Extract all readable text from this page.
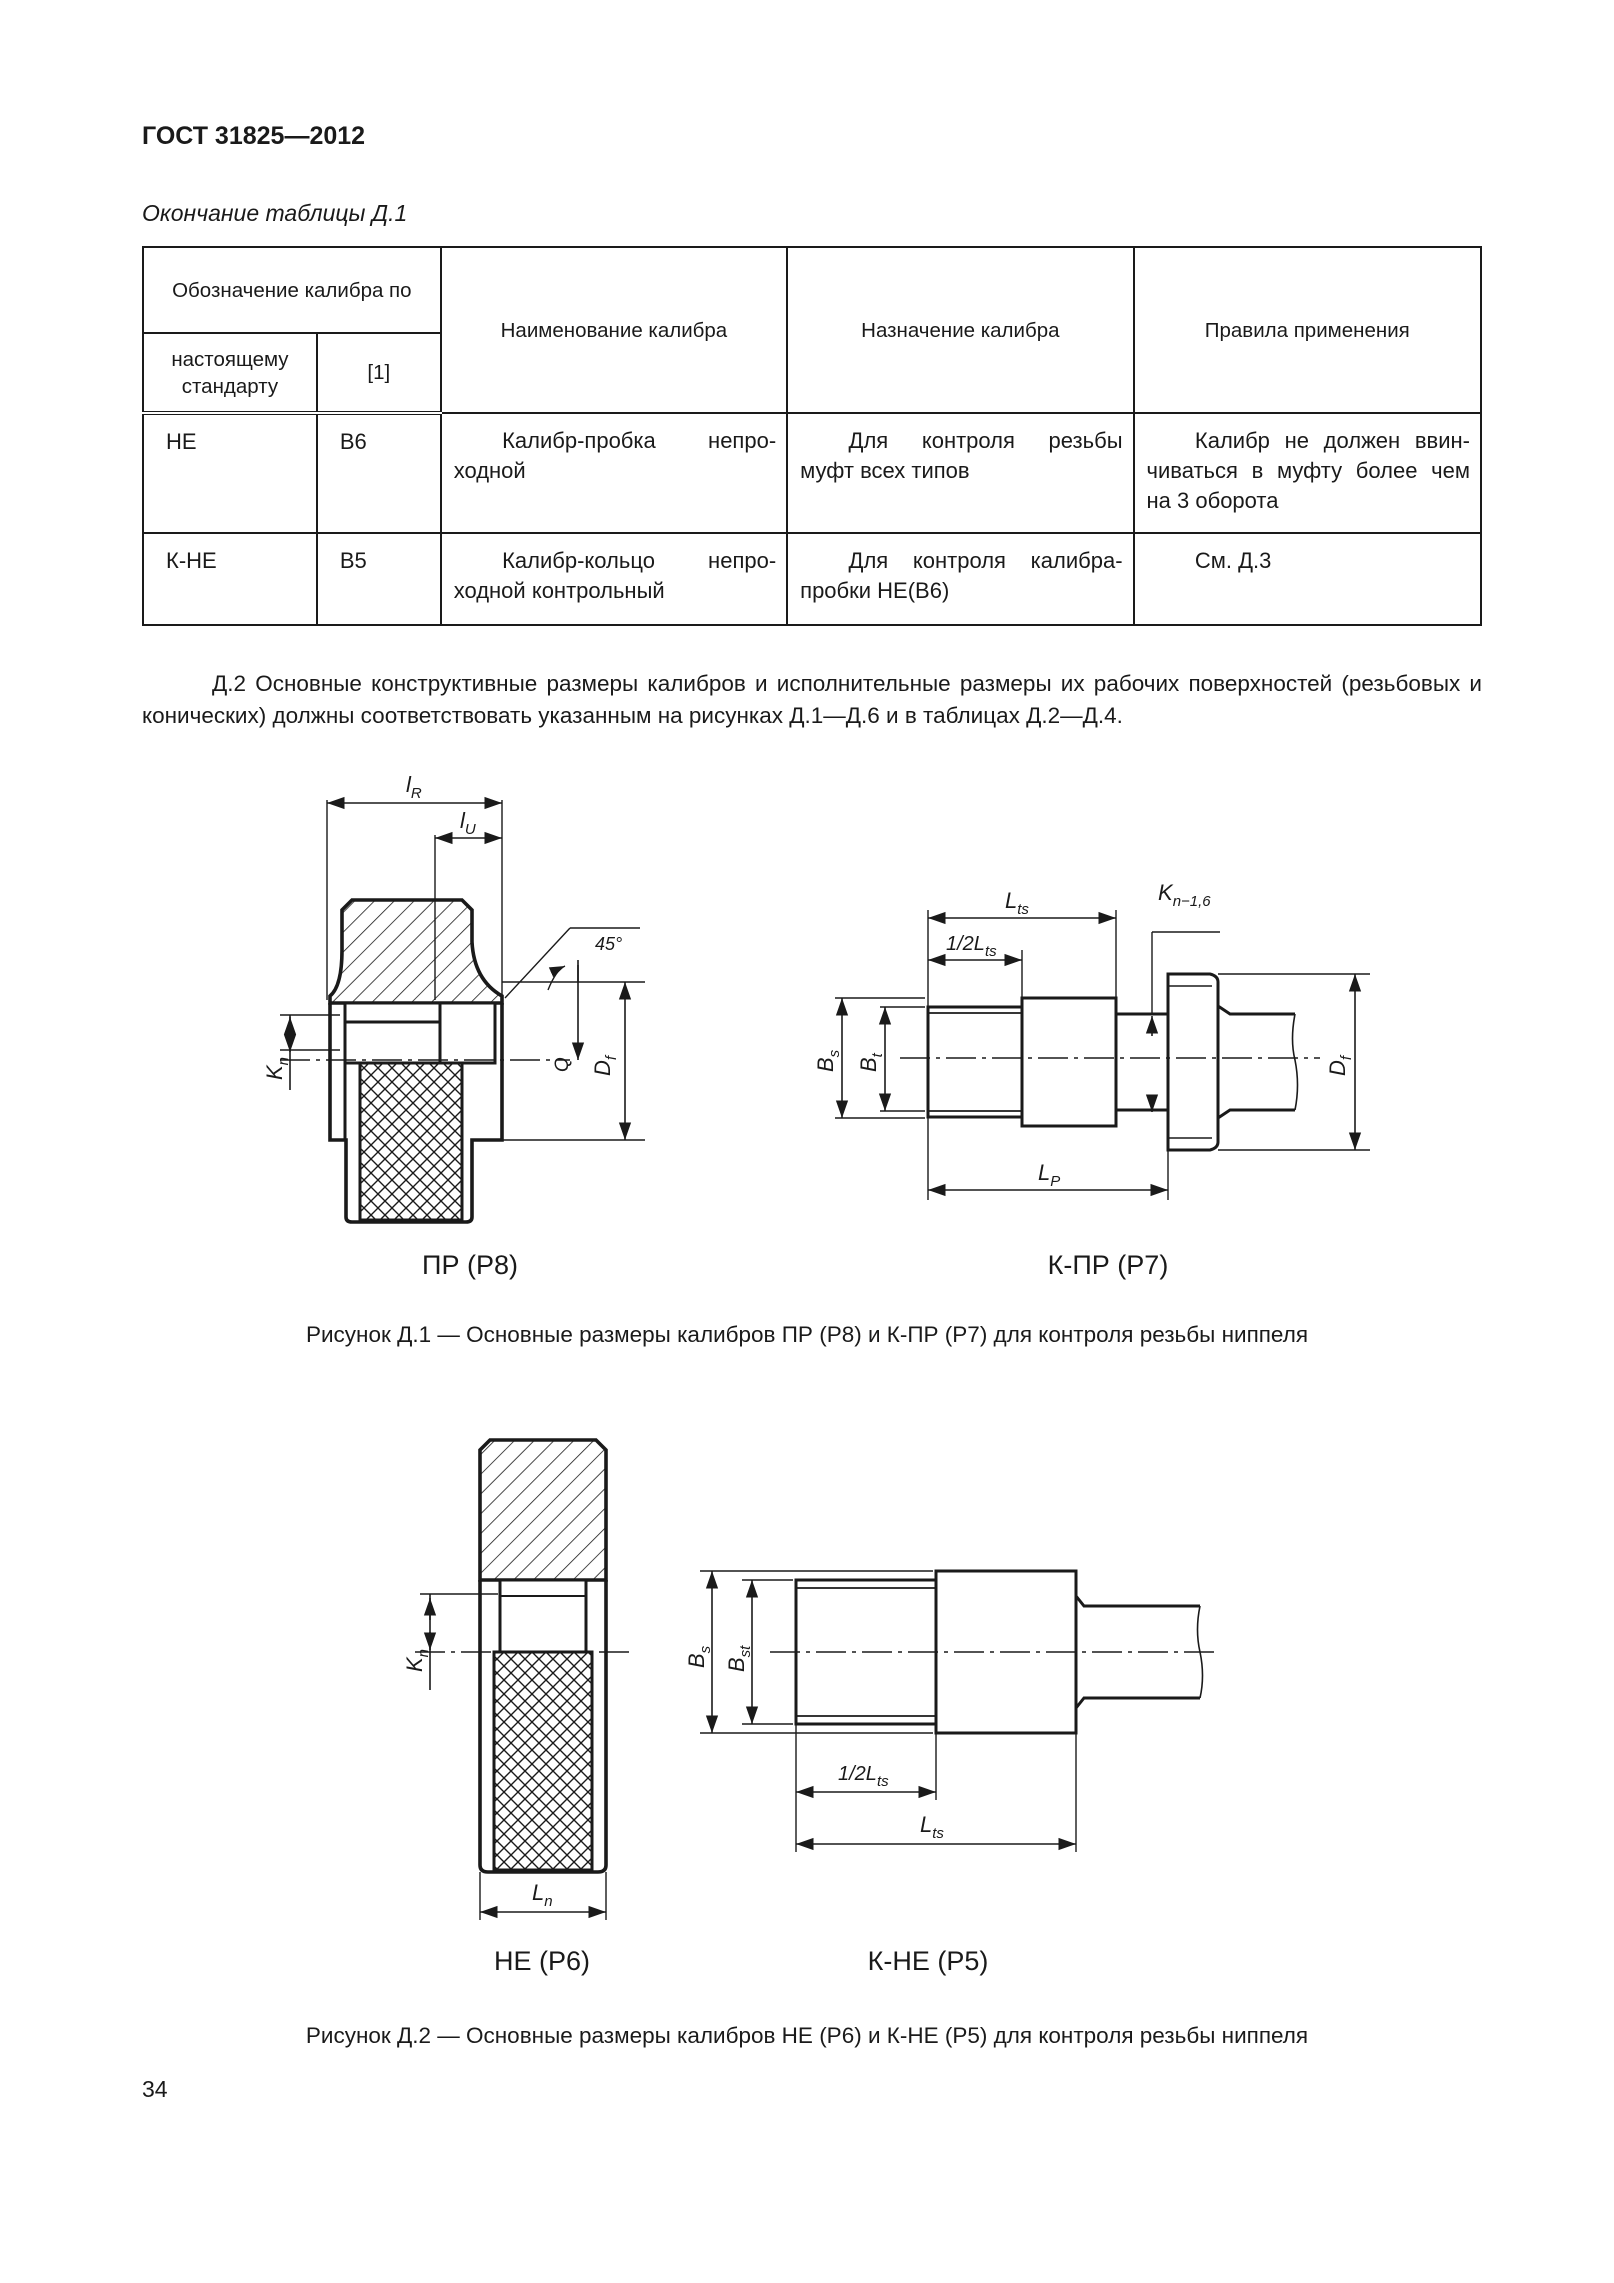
ГОСТ 31825—2012
Окончание таблицы Д.1
Обозначение калибра по		Наименование калибра	Назначение калибра	Правила применения
настоящему стандарту	[1]			
НЕ	B6	Калибр-пробка непроходной	Для контроля резьбы муфт всех типов	Калибр не должен ввинчиваться в муфту более чем на 3 оборота
К-НЕ	B5	Калибр-кольцо непроходной контрольный	Для контроля калибра-пробки НЕ(B6)	См. Д.3
Д.2 Основные конструктивные размеры калибров и исполнительные размеры их рабочих поверхностей (резьбовых и конических) должны соответствовать указанным на рисунках Д.1—Д.6 и в таблицах Д.2—Д.4.
$l_R$
$l_U$
45°
$K_n$	Q $D_f$
$L_{ts}$
$1/2L_{ts}$
$K_{n-1,6}$
$B_s$
$B_t$
$L_P$
$D_f$
ПР (Р8)	К-ПР (Р7)
Рисунок Д.1 — Основные размеры калибров ПР (Р8) и К-ПР (Р7) для контроля резьбы ниппеля
$K_n$
$L_n$
$B_s$
$B_{st}$
$1/2L_{ts}$
$L_{ts}$
НЕ (Р6)	К-НЕ (Р5)
Рисунок Д.2 — Основные размеры калибров НЕ (Р6) и К-НЕ (Р5) для контроля резьбы ниппеля
34
